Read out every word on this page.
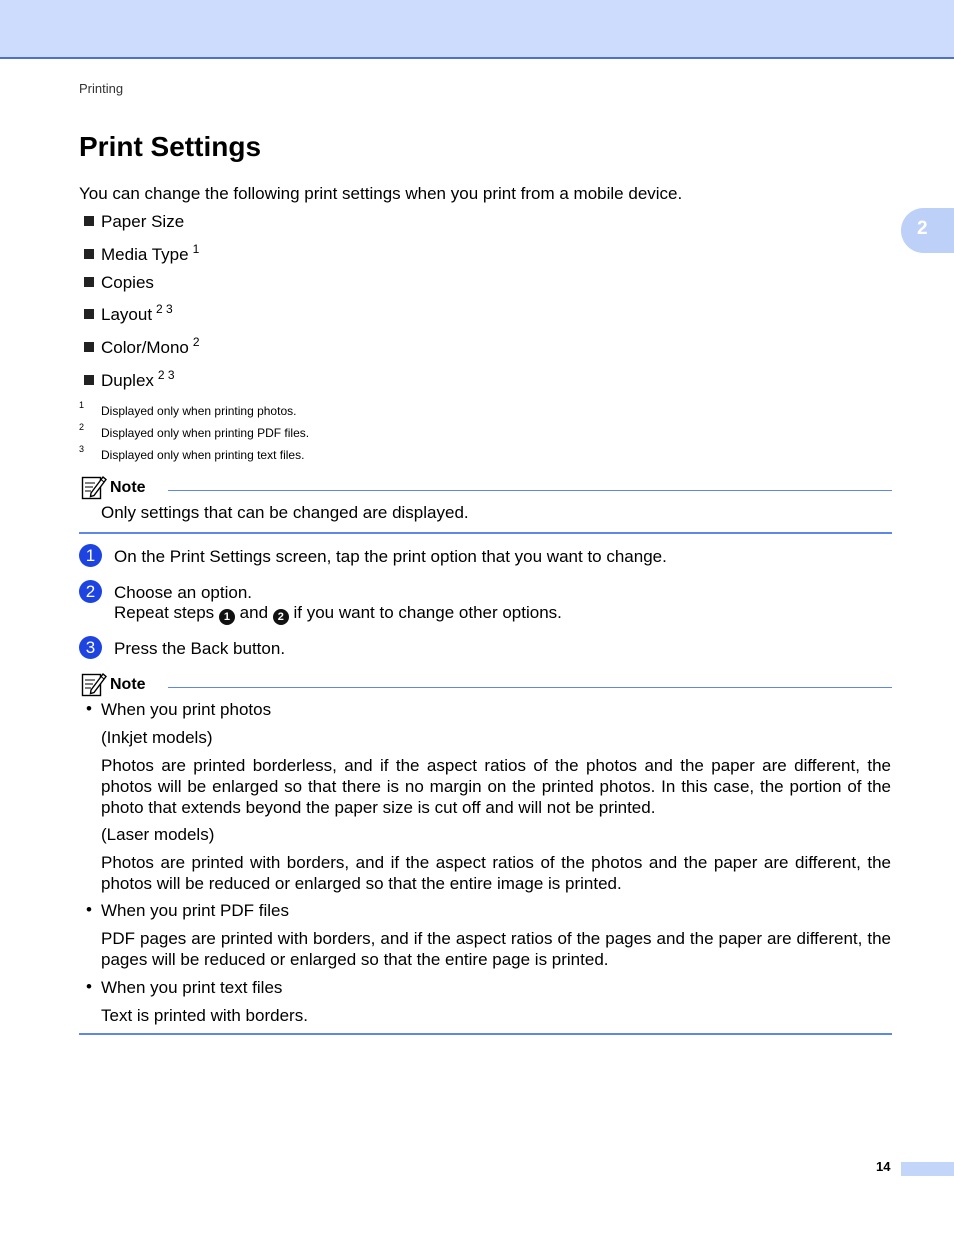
Printing
2
Print Settings
You can change the following print settings when you print from a mobile device.
Paper Size
Media Type $^1$
Copies
Layout $^{2 3}$
Color/Mono $^2$
Duplex $^{2 3}$
1 Displayed only when printing photos.
2 Displayed only when printing PDF files.
3 Displayed only when printing text files.
Note
Only settings that can be changed are displayed.
1	On the Print Settings screen, tap the print option that you want to change.
2	Choose an option.
Repeat steps 1 and 2 if you want to change other options.
3	Press the Back button.
Note
• When you print photos
(Inkjet models)
Photos are printed borderless, and if the aspect ratios of the photos and the paper are different, the photos will be enlarged so that there is no margin on the printed photos. In this case, the portion of the photo that extends beyond the paper size is cut off and will not be printed.
(Laser models)
Photos are printed with borders, and if the aspect ratios of the photos and the paper are different, the photos will be reduced or enlarged so that the entire image is printed.
• When you print PDF files
PDF pages are printed with borders, and if the aspect ratios of the pages and the paper are different, the pages will be reduced or enlarged so that the entire page is printed.
• When you print text files
Text is printed with borders.
14
